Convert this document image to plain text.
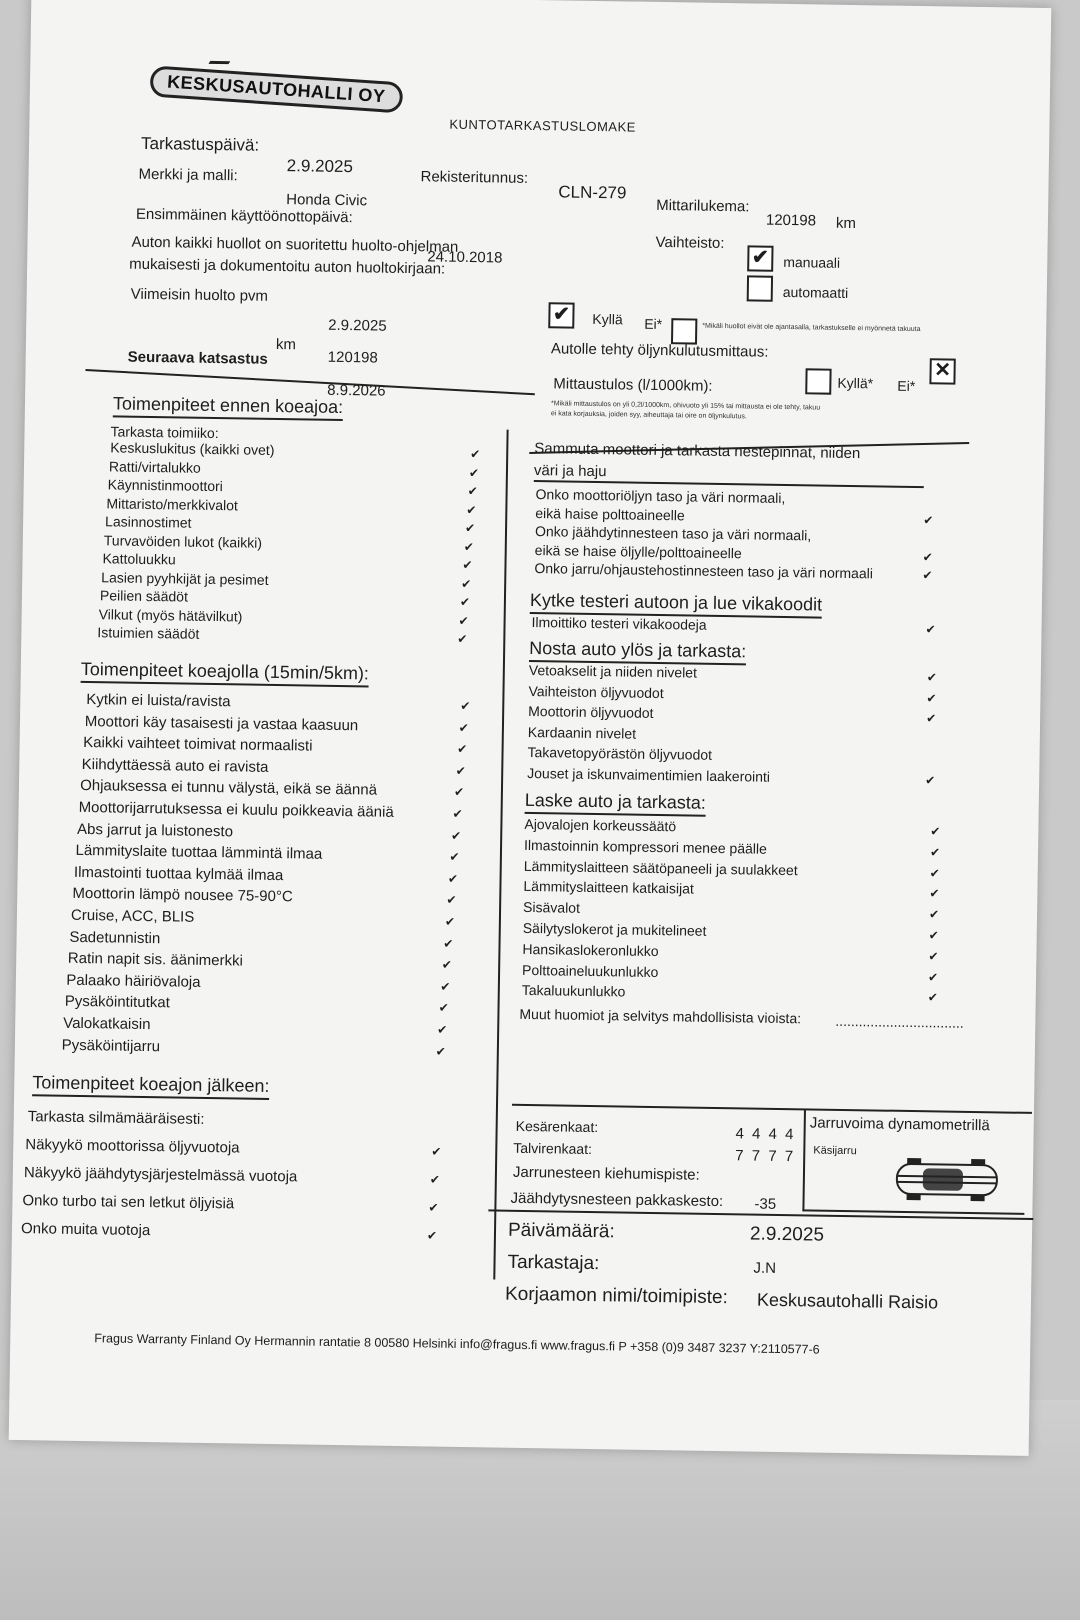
KESKUSAUTOHALLI OY
KUNTOTARKASTUSLOMAKE
Tarkastuspäivä:
2.9.2025
Rekisteritunnus:
CLN-279
Mittarilukema:
120198 km
Merkki ja malli:
Honda Civic
Vaihteisto:
✔	manuaali
automaatti
Ensimmäinen käyttöönottopäivä:
24.10.2018
Auton kaikki huollot on suoritettu huolto-ohjelman
mukaisesti ja dokumentoitu auton huoltokirjaan:
✔	Kyllä Ei*	*Mikäli huollot eivät ole ajantasalla, tarkastukselle ei myönnetä takuuta
Viimeisin huolto pvm
2.9.2025
km
120198	Autolle tehty öljynkulutusmittaus:
Kyllä* Ei*
✕
Seuraava katsastus
8.9.2026	Mittaustulos (l/1000km):
*Mikäli mittaustulos on yli 0,2l/1000km, ohivuoto yli 15% tai mittausta ei ole tehty, takuu
ei kata korjauksia, joiden syy, aiheuttaja tai oire on öljynkulutus.
Toimenpiteet ennen koeajoa:
Tarkasta toimiiko:
Keskuslukitus (kaikki ovet)	✔
Ratti/virtalukko	✔
Käynnistinmoottori	✔
Mittaristo/merkkivalot	✔
Lasinnostimet	✔
Turvavöiden lukot (kaikki)	✔
Kattoluukku	✔
Lasien pyyhkijät ja pesimet	✔
Peilien säädöt	✔
Vilkut (myös hätävilkut)	✔
Istuimien säädöt	✔
Toimenpiteet koeajolla (15min/5km):
Kytkin ei luista/ravista	✔
Moottori käy tasaisesti ja vastaa kaasuun	✔
Kaikki vaihteet toimivat normaalisti	✔
Kiihdyttäessä auto ei ravista	✔
Ohjauksessa ei tunnu välystä, eikä se äännä	✔
Moottorijarrutuksessa ei kuulu poikkeavia ääniä	✔
Abs jarrut ja luistonesto	✔
Lämmityslaite tuottaa lämmintä ilmaa	✔
Ilmastointi tuottaa kylmää ilmaa	✔
Moottorin lämpö nousee 75-90°C	✔
Cruise, ACC, BLIS	✔
Sadetunnistin	✔
Ratin napit sis. äänimerkki	✔
Palaako häiriövaloja	✔
Pysäköintitutkat	✔
Valokatkaisin	✔
Pysäköintijarru	✔
Toimenpiteet koeajon jälkeen:
Tarkasta silmämääräisesti:
Näkyykö moottorissa öljyvuotoja	✔
Näkyykö jäähdytysjärjestelmässä vuotoja	✔
Onko turbo tai sen letkut öljyisiä	✔
Onko muita vuotoja	✔
Sammuta moottori ja tarkasta nestepinnat, niiden
väri ja haju
Onko moottoriöljyn taso ja väri normaali,
eikä haise polttoaineelle	✔
Onko jäähdytinnesteen taso ja väri normaali,
eikä se haise öljylle/polttoaineelle	✔
Onko jarru/ohjaustehostinnesteen taso ja väri normaali	✔
Kytke testeri autoon ja lue vikakoodit
Ilmoittiko testeri vikakoodeja	✔
Nosta auto ylös ja tarkasta:
Vetoakselit ja niiden nivelet	✔
Vaihteiston öljyvuodot	✔
Moottorin öljyvuodot	✔
Kardaanin nivelet
Takavetopyörästön öljyvuodot
Jouset ja iskunvaimentimien laakerointi	✔
Laske auto ja tarkasta:
Ajovalojen korkeussäätö	✔
Ilmastoinnin kompressori menee päälle	✔
Lämmityslaitteen säätöpaneeli ja suulakkeet	✔
Lämmityslaitteen katkaisijat	✔
Sisävalot	✔
Säilytyslokerot ja mukitelineet	✔
Hansikaslokeronlukko	✔
Polttoaineluukunlukko	✔
Takaluukunlukko	✔
Muut huomiot ja selvitys mahdollisista vioista: .................................
Kesärenkaat:	4 4 4 4
Talvirenkaat:	7 7 7 7
Jarrunesteen kiehumispiste:
Jäähdytysnesteen pakkaskesto: -35
Jarruvoima dynamometrillä
Käsijarru
Päivämäärä:	2.9.2025
Tarkastaja:	J.N
Korjaamon nimi/toimipiste: Keskusautohalli Raisio
Fragus Warranty Finland Oy Hermannin rantatie 8 00580 Helsinki info@fragus.fi www.fragus.fi P +358 (0)9 3487 3237 Y:2110577-6
